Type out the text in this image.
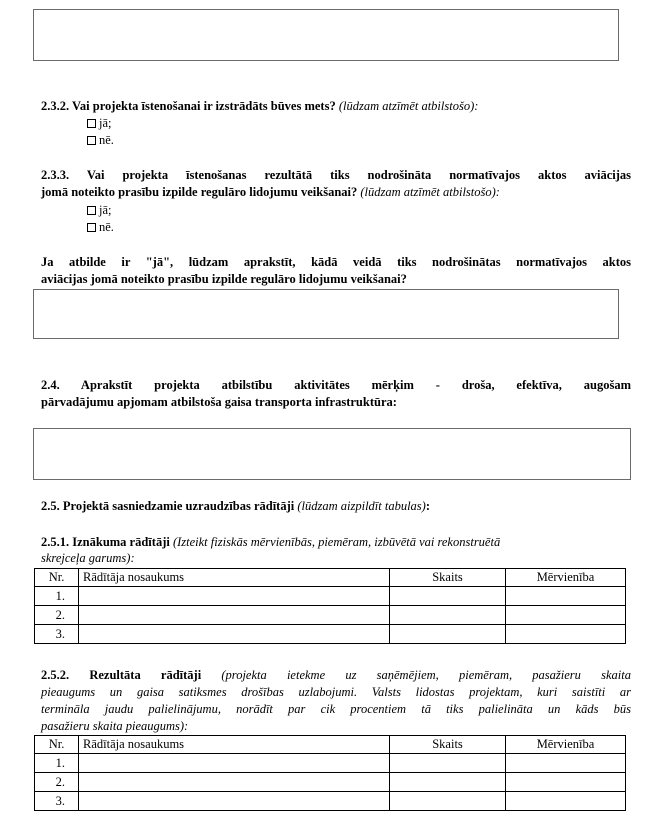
2.3.2. Vai projekta īstenošanai ir izstrādāts būves mets? (lūdzam atzīmēt atbilstošo):
jā;
nē.
2.3.3. Vai projekta īstenošanas rezultātā tiks nodrošināta normatīvajos aktos aviācijas
jomā noteikto prasību izpilde regulāro lidojumu veikšanai? (lūdzam atzīmēt atbilstošo):
jā;
nē.
Ja atbilde ir "jā", lūdzam aprakstīt, kādā veidā tiks nodrošinātas normatīvajos aktos
aviācijas jomā noteikto prasību izpilde regulāro lidojumu veikšanai?
2.4. Aprakstīt projekta atbilstību aktivitātes mērķim - droša, efektīva, augošam
pārvadājumu apjomam atbilstoša gaisa transporta infrastruktūra:
2.5. Projektā sasniedzamie uzraudzības rādītāji (lūdzam aizpildīt tabulas):
2.5.1. Iznākuma rādītāji (Izteikt fiziskās mērvienībās, piemēram, izbūvētā vai rekonstruētā
skrejceļa garums):
Nr.	Rādītāja nosaukums	Skaits	Mērvienība
1.			
2.			
3.			
2.5.2. Rezultāta rādītāji (projekta ietekme uz saņēmējiem, piemēram, pasažieru skaita
pieaugums un gaisa satiksmes drošības uzlabojumi. Valsts lidostas projektam, kuri saistīti ar
termināla jaudu palielinājumu, norādīt par cik procentiem tā tiks palielināta un kāds būs
pasažieru skaita pieaugums):
Nr.	Rādītāja nosaukums	Skaits	Mērvienība
1.			
2.			
3.			
